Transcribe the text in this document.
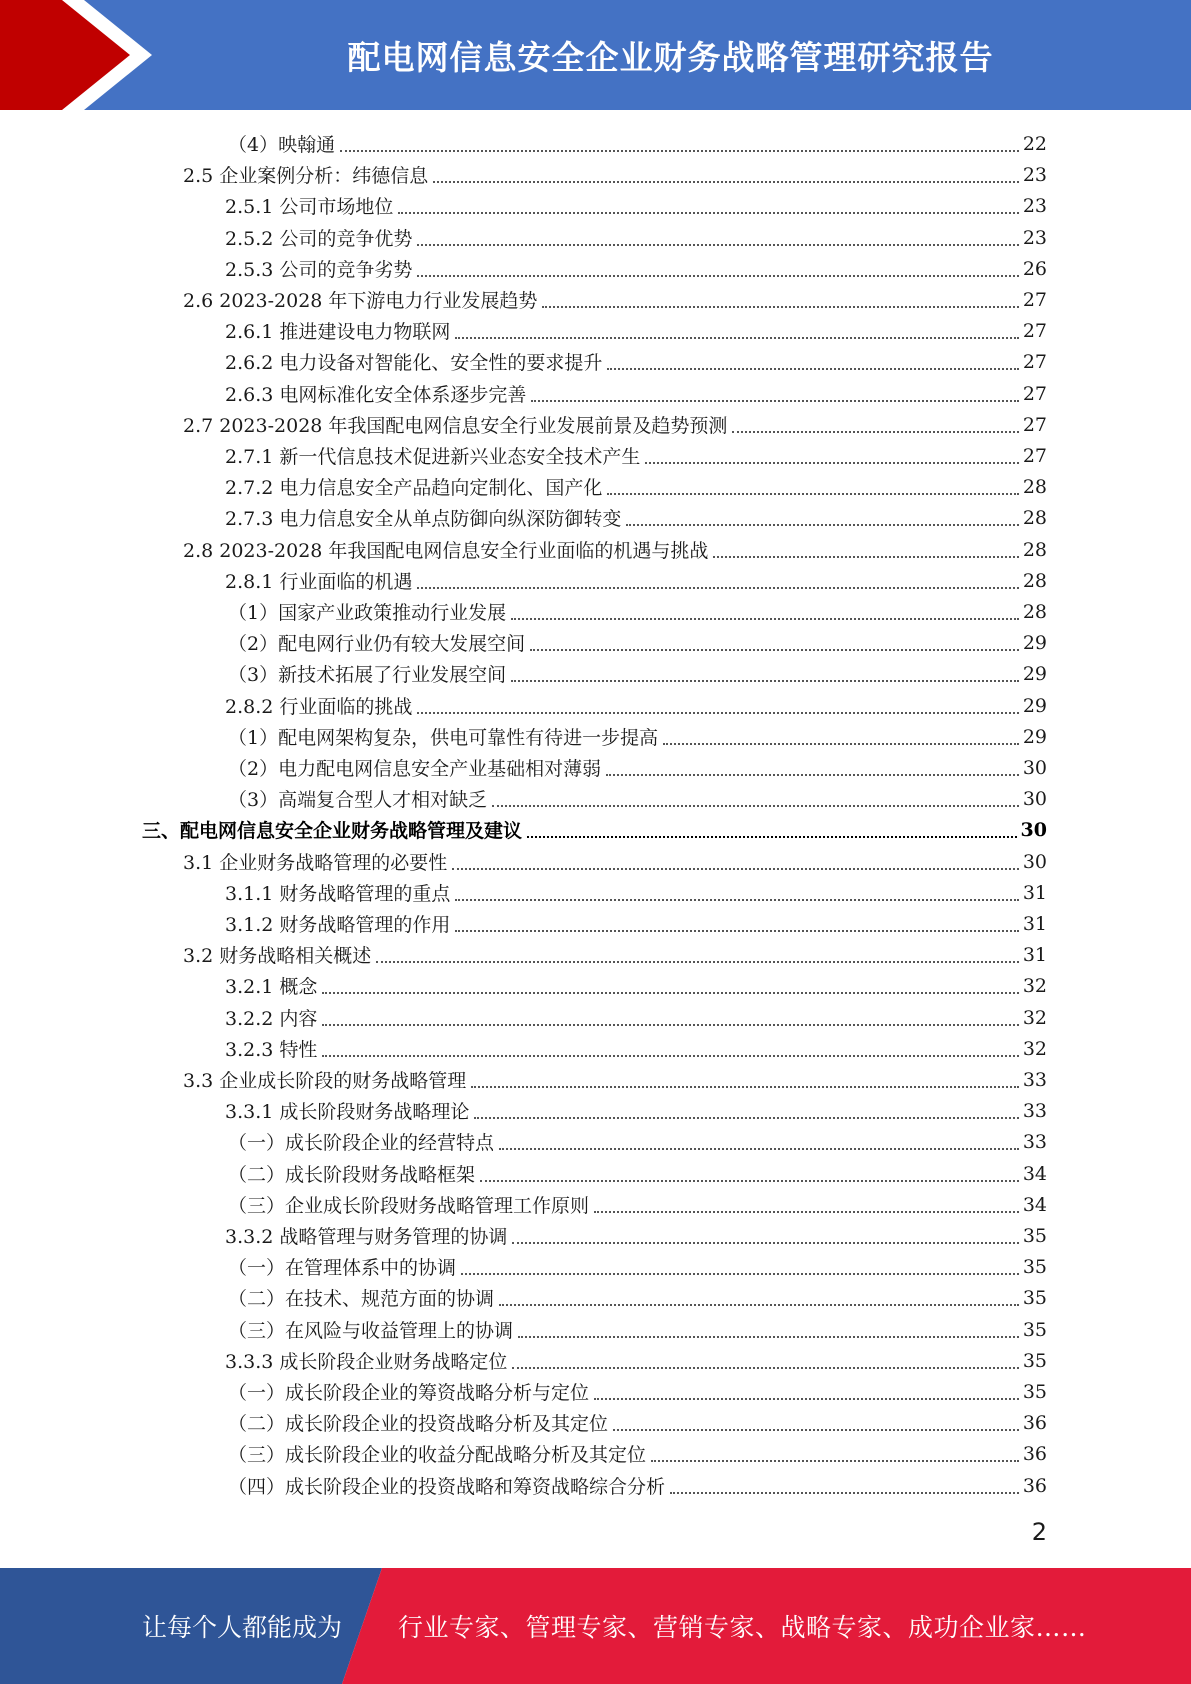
配电网信息安全企业财务战略管理研究报告
（4）映翰通	22
2.5 企业案例分析：纬德信息	23
2.5.1 公司市场地位	23
2.5.2 公司的竞争优势	23
2.5.3 公司的竞争劣势	26
2.6 2023-2028 年下游电力行业发展趋势	27
2.6.1 推进建设电力物联网	27
2.6.2 电力设备对智能化、安全性的要求提升	27
2.6.3 电网标准化安全体系逐步完善	27
2.7 2023-2028 年我国配电网信息安全行业发展前景及趋势预测	27
2.7.1 新一代信息技术促进新兴业态安全技术产生	27
2.7.2 电力信息安全产品趋向定制化、国产化	28
2.7.3 电力信息安全从单点防御向纵深防御转变	28
2.8 2023-2028 年我国配电网信息安全行业面临的机遇与挑战	28
2.8.1 行业面临的机遇	28
（1）国家产业政策推动行业发展	28
（2）配电网行业仍有较大发展空间	29
（3）新技术拓展了行业发展空间	29
2.8.2 行业面临的挑战	29
（1）配电网架构复杂，供电可靠性有待进一步提高	29
（2）电力配电网信息安全产业基础相对薄弱	30
（3）高端复合型人才相对缺乏	30
三、配电网信息安全企业财务战略管理及建议	30
3.1 企业财务战略管理的必要性	30
3.1.1 财务战略管理的重点	31
3.1.2 财务战略管理的作用	31
3.2 财务战略相关概述	31
3.2.1 概念	32
3.2.2 内容	32
3.2.3 特性	32
3.3 企业成长阶段的财务战略管理	33
3.3.1 成长阶段财务战略理论	33
（一）成长阶段企业的经营特点	33
（二）成长阶段财务战略框架	34
（三）企业成长阶段财务战略管理工作原则	34
3.3.2 战略管理与财务管理的协调	35
（一）在管理体系中的协调	35
（二）在技术、规范方面的协调	35
（三）在风险与收益管理上的协调	35
3.3.3 成长阶段企业财务战略定位	35
（一）成长阶段企业的筹资战略分析与定位	35
（二）成长阶段企业的投资战略分析及其定位	36
（三）成长阶段企业的收益分配战略分析及其定位	36
（四）成长阶段企业的投资战略和筹资战略综合分析	36
2
让每个人都能成为 行业专家、管理专家、营销专家、战略专家、成功企业家……
